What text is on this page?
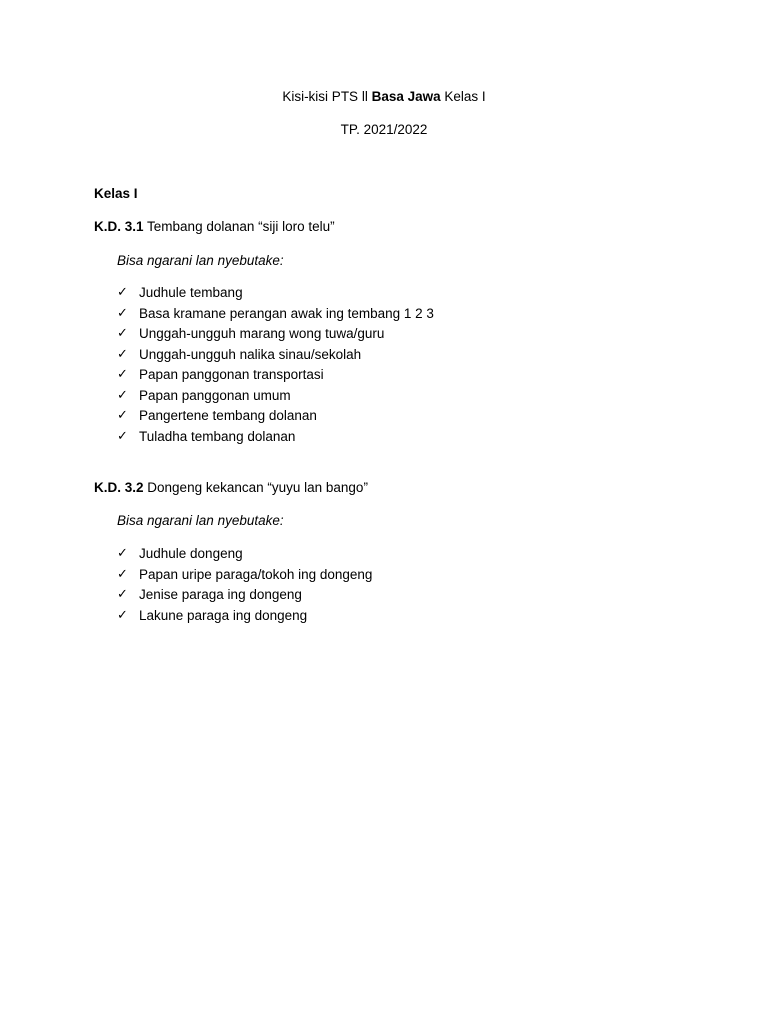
Kisi-kisi PTS ll Basa Jawa Kelas I
TP. 2021/2022
Kelas I
K.D. 3.1 Tembang dolanan “siji loro telu”
Bisa ngarani lan nyebutake:
✓ Judhule tembang
✓ Basa kramane perangan awak ing tembang 1 2 3
✓ Unggah-ungguh marang wong tuwa/guru
✓ Unggah-ungguh nalika sinau/sekolah
✓ Papan panggonan transportasi
✓ Papan panggonan umum
✓ Pangertene tembang dolanan
✓ Tuladha tembang dolanan
K.D. 3.2 Dongeng kekancan “yuyu lan bango”
Bisa ngarani lan nyebutake:
✓ Judhule dongeng
✓ Papan uripe paraga/tokoh ing dongeng
✓ Jenise paraga ing dongeng
✓ Lakune paraga ing dongeng
